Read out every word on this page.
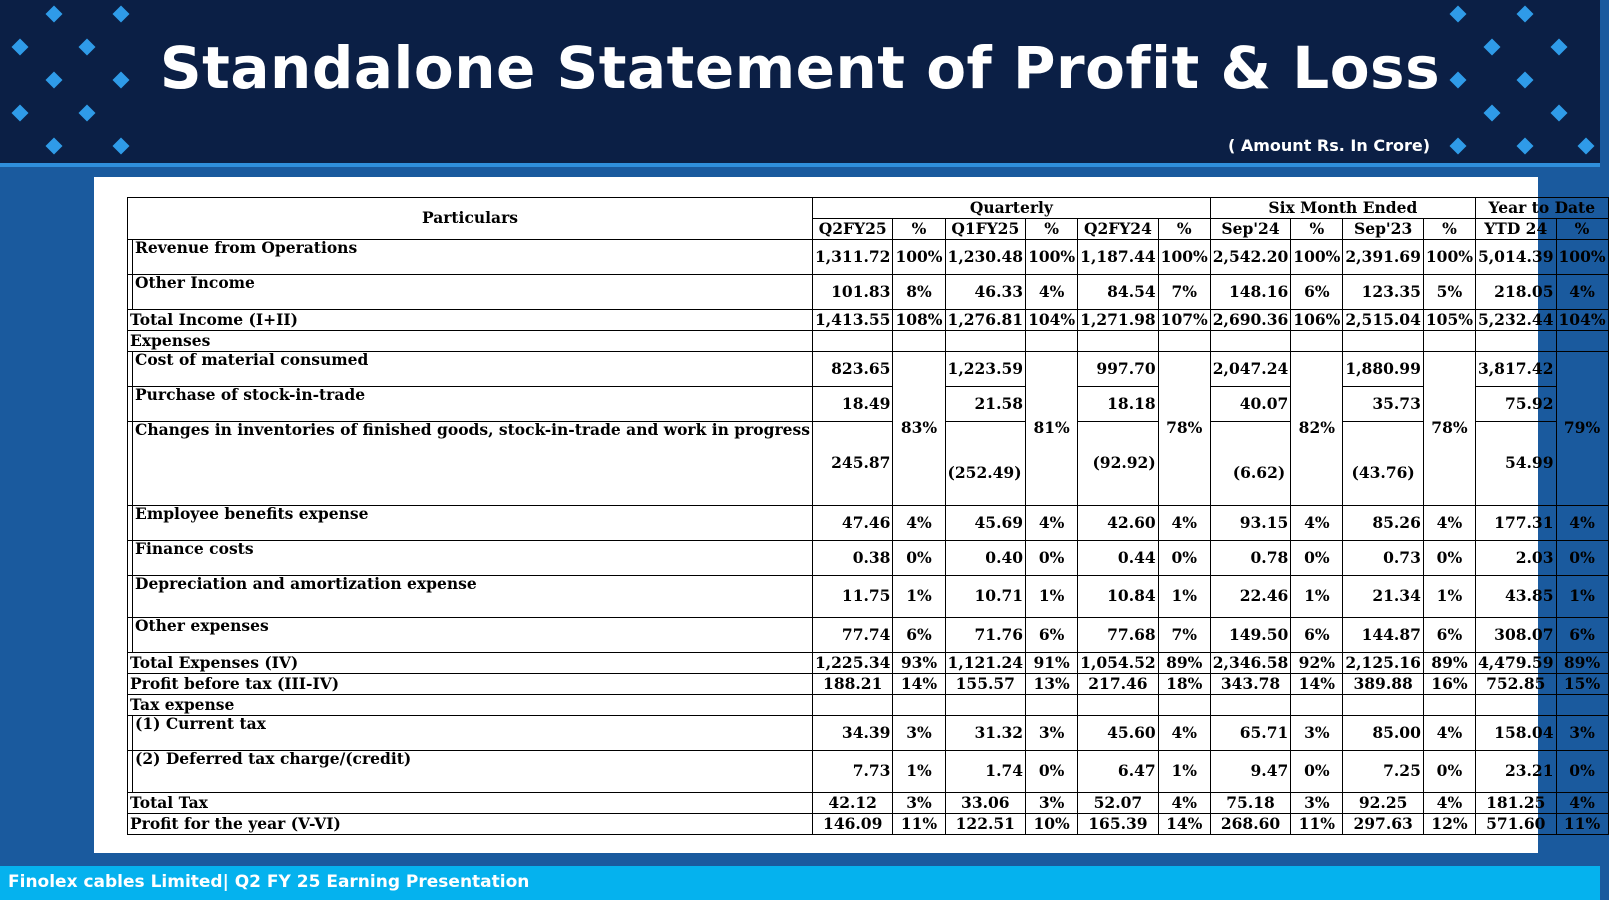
Standalone Statement of Profit & Loss
( Amount Rs. In Crore)
Particulars		Quarterly						Six Month Ended				Year to Date	
		Q2FY25	%	Q1FY25	%	Q2FY24	%	Sep'24	%	Sep'23	%	YTD 24	%
	Revenue from Operations	1,311.72	100%	1,230.48	100%	1,187.44	100%	2,542.20	100%	2,391.69	100%	5,014.39	100%
	Other Income	101.83	8%	46.33	4%	84.54	7%	148.16	6%	123.35	5%	218.05	4%
Total Income (I+II)		1,413.55	108%	1,276.81	104%	1,271.98	107%	2,690.36	106%	2,515.04	105%	5,232.44	104%
Expenses													
	Cost of material consumed	823.65	83%	1,223.59	81%	997.70	78%	2,047.24	82%	1,880.99	78%	3,817.42	79%
	Purchase of stock-in-trade	18.49		21.58		18.18		40.07		35.73		75.92	
	Changes in inventories of finished goods, stock-in-trade and work in progress	245.87		(252.49)		(92.92)		(6.62)		(43.76)		54.99	
	Employee benefits expense	47.46	4%	45.69	4%	42.60	4%	93.15	4%	85.26	4%	177.31	4%
	Finance costs	0.38	0%	0.40	0%	0.44	0%	0.78	0%	0.73	0%	2.03	0%
	Depreciation and amortization expense	11.75	1%	10.71	1%	10.84	1%	22.46	1%	21.34	1%	43.85	1%
	Other expenses	77.74	6%	71.76	6%	77.68	7%	149.50	6%	144.87	6%	308.07	6%
Total Expenses (IV)		1,225.34	93%	1,121.24	91%	1,054.52	89%	2,346.58	92%	2,125.16	89%	4,479.59	89%
Profit before tax (III-IV)		188.21	14%	155.57	13%	217.46	18%	343.78	14%	389.88	16%	752.85	15%
Tax expense													
	(1) Current tax	34.39	3%	31.32	3%	45.60	4%	65.71	3%	85.00	4%	158.04	3%
	(2) Deferred tax charge/(credit)	7.73	1%	1.74	0%	6.47	1%	9.47	0%	7.25	0%	23.21	0%
Total Tax		42.12	3%	33.06	3%	52.07	4%	75.18	3%	92.25	4%	181.25	4%
Profit for the year (V-VI)		146.09	11%	122.51	10%	165.39	14%	268.60	11%	297.63	12%	571.60	11%
Finolex cables Limited| Q2 FY 25 Earning Presentation
